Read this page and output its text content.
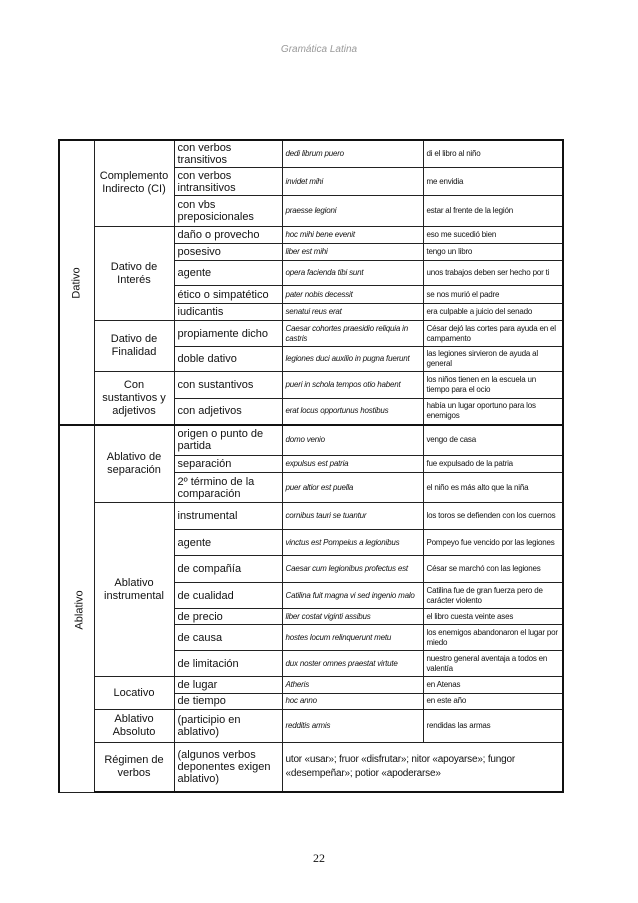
Gramática Latina
Dativo	Complemento Indirecto (CI)	con verbos transitivos	dedi librum puero	di el libro al niño
		con verbos intransitivos	invidet mihi	me envidia
		con vbs preposicionales	praesse legioni	estar al frente de la legión
	Dativo de Interés	daño o provecho	hoc mihi bene evenit	eso me sucedió bien
		posesivo	liber est mihi	tengo un libro
		agente	opera facienda tibi sunt	unos trabajos deben ser hecho por ti
		ético o simpatético	pater nobis decessit	se nos murió el padre
		iudicantis	senatui reus erat	era culpable a juicio del senado
	Dativo de Finalidad	propiamente dicho	Caesar cohortes praesidio reliquia in castris	César dejó las cortes para ayuda en el campamento
		doble dativo	legiones duci auxilio in pugna fuerunt	las legiones sirvieron de ayuda al general
	Con sustantivos y adjetivos	con sustantivos	pueri in schola tempos otio habent	los niños tienen en la escuela un tiempo para el ocio
		con adjetivos	erat locus opportunus hostibus	había un lugar oportuno para los enemigos
Ablativo	Ablativo de separación	origen o punto de partida	domo venio	vengo de casa
		separación	expulsus est patria	fue expulsado de la patria
		2º término de la comparación	puer altior est puella	el niño es más alto que la niña
	Ablativo instrumental	instrumental	cornibus tauri se tuantur	los toros se defienden con los cuernos
		agente	vinctus est Pompeius a legionibus	Pompeyo fue vencido por las legiones
		de compañía	Caesar cum legionibus profectus est	César se marchó con las legiones
		de cualidad	Catilina fuit magna vi sed ingenio malo	Catilina fue de gran fuerza pero de carácter violento
		de precio	liber costat viginti assibus	el libro cuesta veinte ases
		de causa	hostes locum relinquerunt metu	los enemigos abandonaron el lugar por miedo
		de limitación	dux noster omnes praestat virtute	nuestro general aventaja a todos en valentía
	Locativo	de lugar	Atheris	en Atenas
		de tiempo	hoc anno	en este año
	Ablativo Absoluto	(participio en ablativo)	redditis armis	rendidas las armas
	Régimen de verbos	(algunos verbos deponentes exigen ablativo)	utor «usar»; fruor «disfrutar»; nitor «apoyarse»; fungor «desempeñar»; potior «apoderarse»	
22
